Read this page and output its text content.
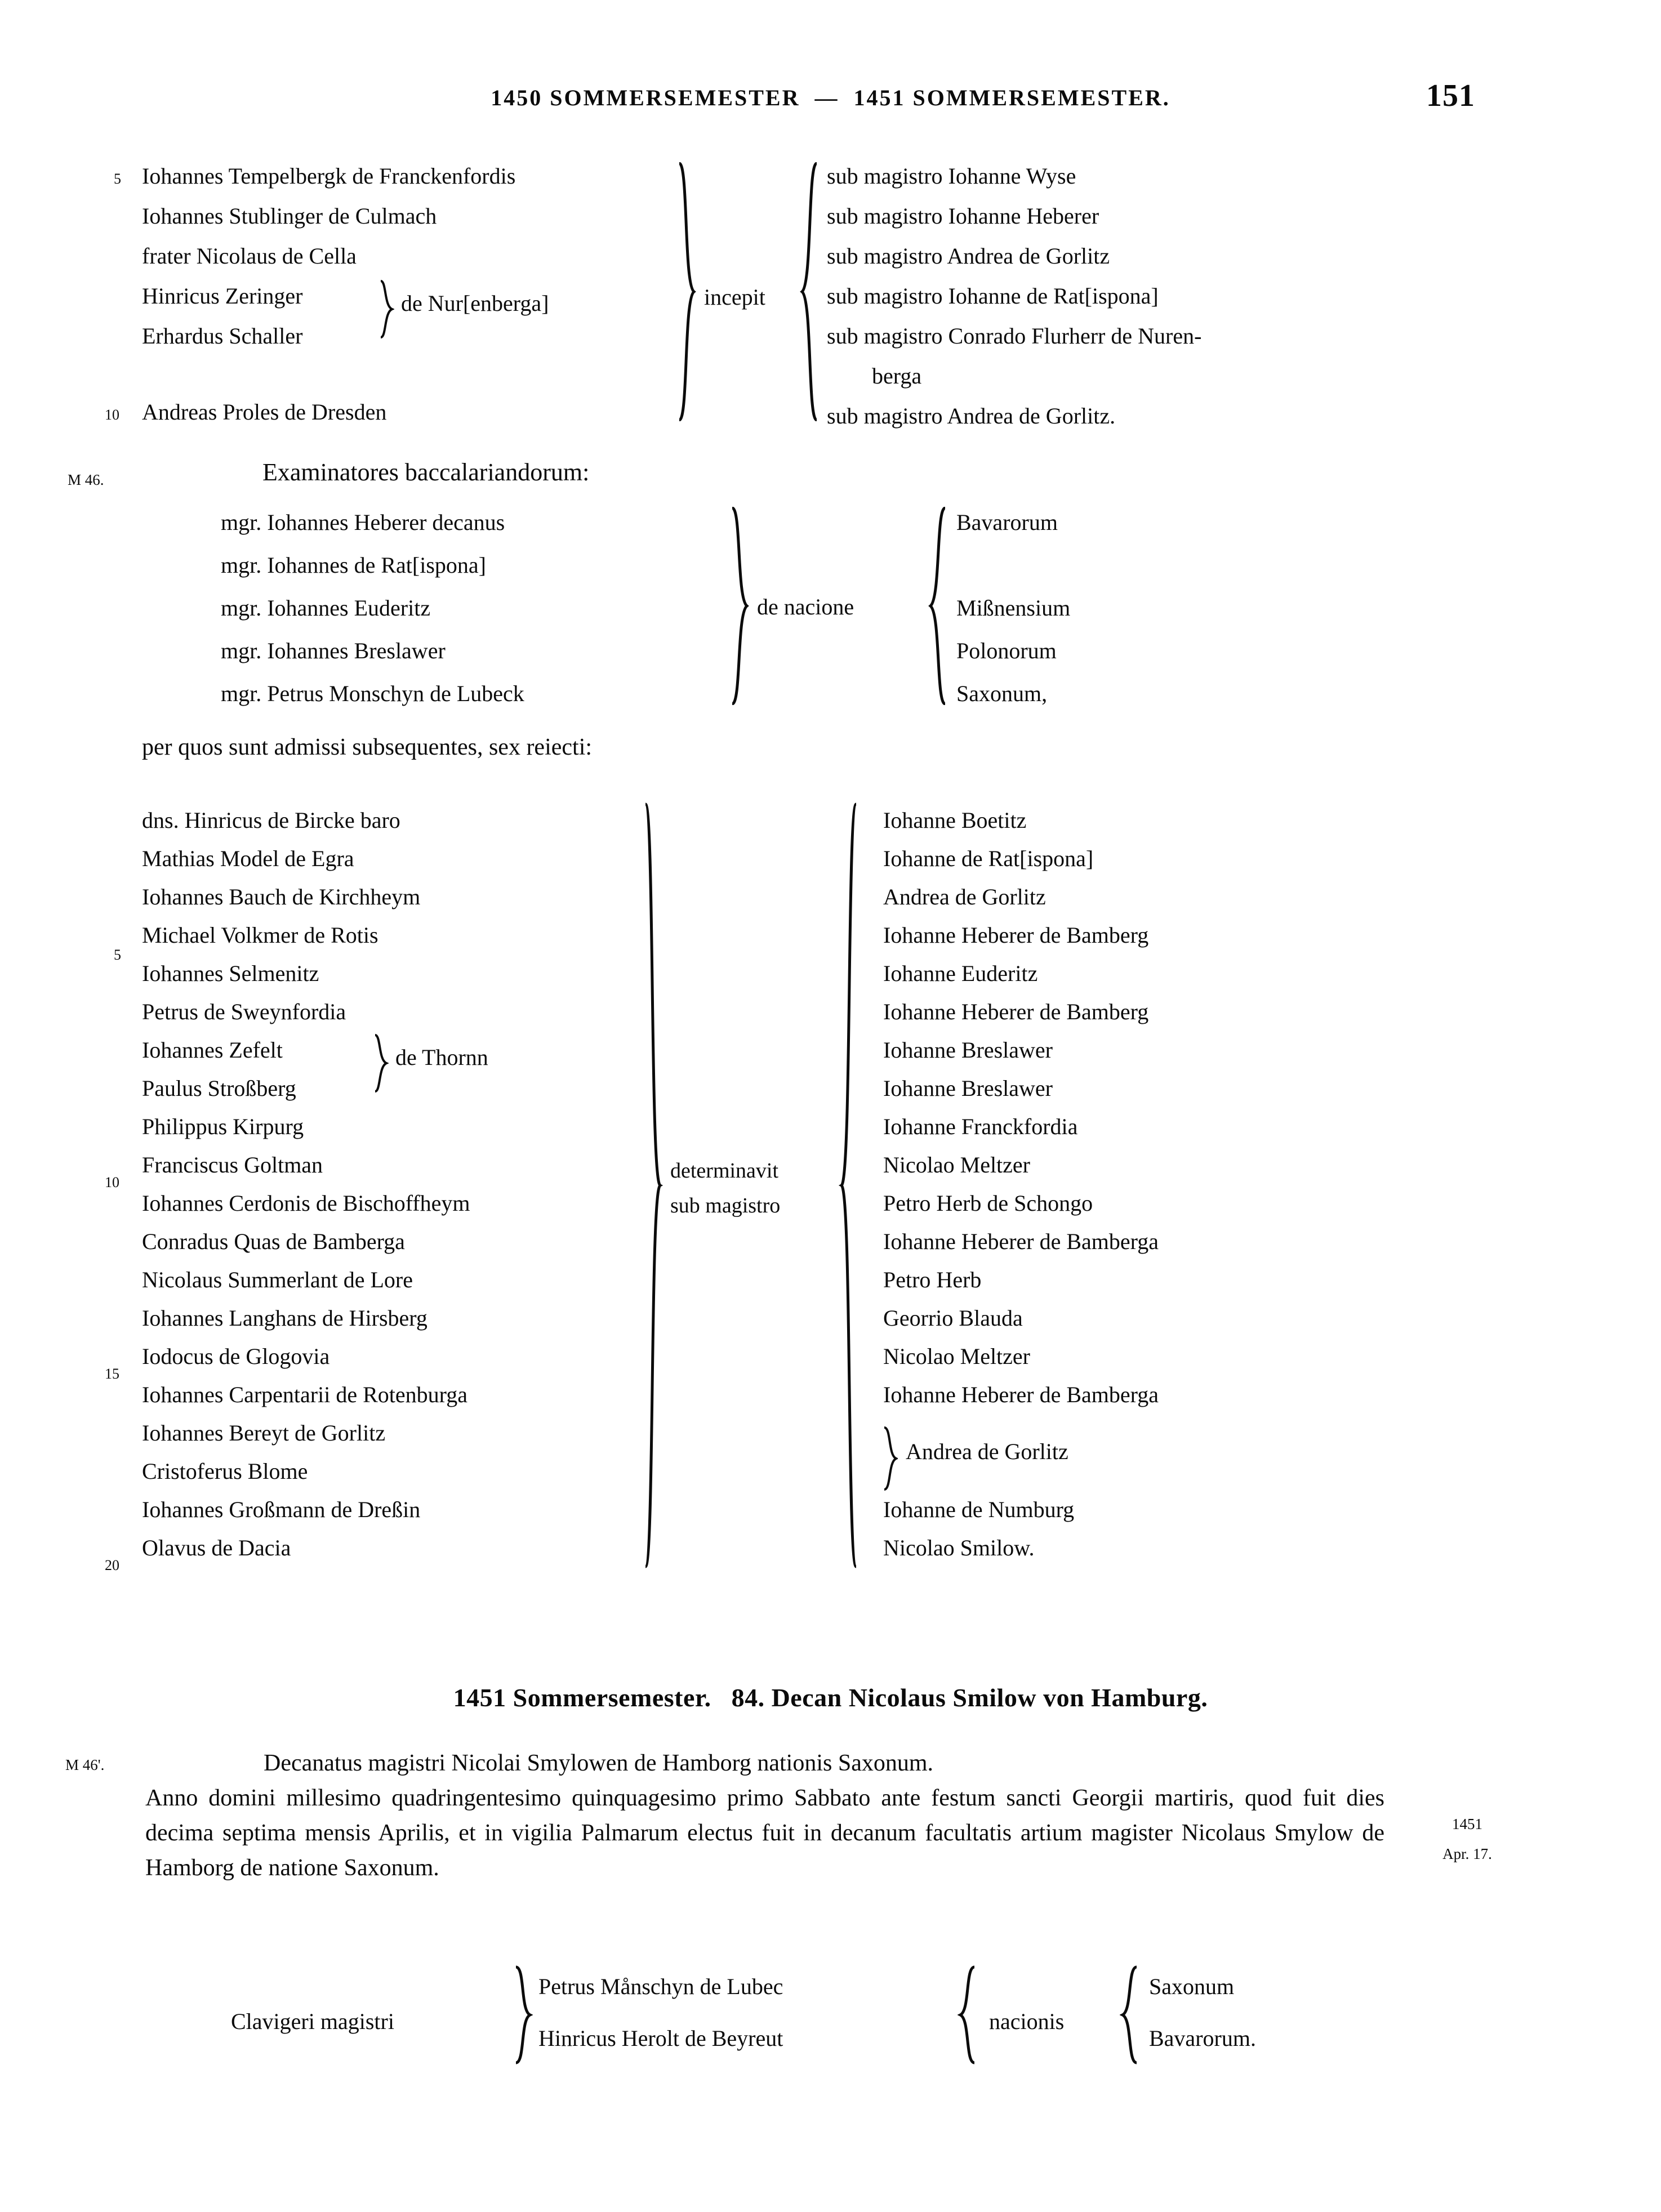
1450 SOMMERSEMESTER  —  1451 SOMMERSEMESTER.	151
5
10
Iohannes Tempelbergk de Franckenfordis
Iohannes Stublinger de Culmach
frater Nicolaus de Cella
Hinricus Zeringer
Erhardus Schaller
Andreas Proles de Dresden
de Nur[enberga]	incepit
sub magistro Iohanne Wyse
sub magistro Iohanne Heberer
sub magistro Andrea de Gorlitz
sub magistro Iohanne de Rat[ispona]
sub magistro Conrado Flurherr de Nuren-
berga
sub magistro Andrea de Gorlitz.
M 46.	Examinatores baccalariandorum:
mgr. Iohannes Heberer decanus
mgr. Iohannes de Rat[ispona]
mgr. Iohannes Euderitz
mgr. Iohannes Breslawer
mgr. Petrus Monschyn de Lubeck
de nacione
Bavarorum
Mißnensium
Polonorum
Saxonum,
per quos sunt admissi subsequentes, sex reiecti:
5
10
15
20
dns. Hinricus de Bircke baro
Mathias Model de Egra
Iohannes Bauch de Kirchheym
Michael Volkmer de Rotis
Iohannes Selmenitz
Petrus de Sweynfordia
Iohannes Zefelt
Paulus Stroßberg
Philippus Kirpurg
Franciscus Goltman
Iohannes Cerdonis de Bischoffheym
Conradus Quas de Bamberga
Nicolaus Summerlant de Lore
Iohannes Langhans de Hirsberg
Iodocus de Glogovia
Iohannes Carpentarii de Rotenburga
Iohannes Bereyt de Gorlitz
Cristoferus Blome
Iohannes Großmann de Dreßin
Olavus de Dacia
de Thornn
determinavit
sub magistro
Iohanne Boetitz
Iohanne de Rat[ispona]
Andrea de Gorlitz
Iohanne Heberer de Bamberg
Iohanne Euderitz
Iohanne Heberer de Bamberg
Iohanne Breslawer
Iohanne Breslawer
Iohanne Franckfordia
Nicolao Meltzer
Petro Herb de Schongo
Iohanne Heberer de Bamberga
Petro Herb
Georrio Blauda
Nicolao Meltzer
Iohanne Heberer de Bamberga
Andrea de Gorlitz
Iohanne de Numburg
Nicolao Smilow.
1451 Sommersemester.   84. Decan Nicolaus Smilow von Hamburg.
M 46'.
1451
Apr. 17.

Decanatus magistri Nicolai Smylowen de Hamborg nationis Saxonum.

Anno domini millesimo quadringentesimo quinquagesimo primo Sabbato ante festum sancti Georgii martiris, quod fuit dies decima septima mensis Aprilis, et in vigilia Palmarum electus fuit in decanum facultatis artium magister Nicolaus Smylow de Hamborg de natione Saxonum.

Clavigeri magistri
Petrus Månschyn de Lubec
Hinricus Herolt de Beyreut
nacionis
Saxonum
Bavarorum.
